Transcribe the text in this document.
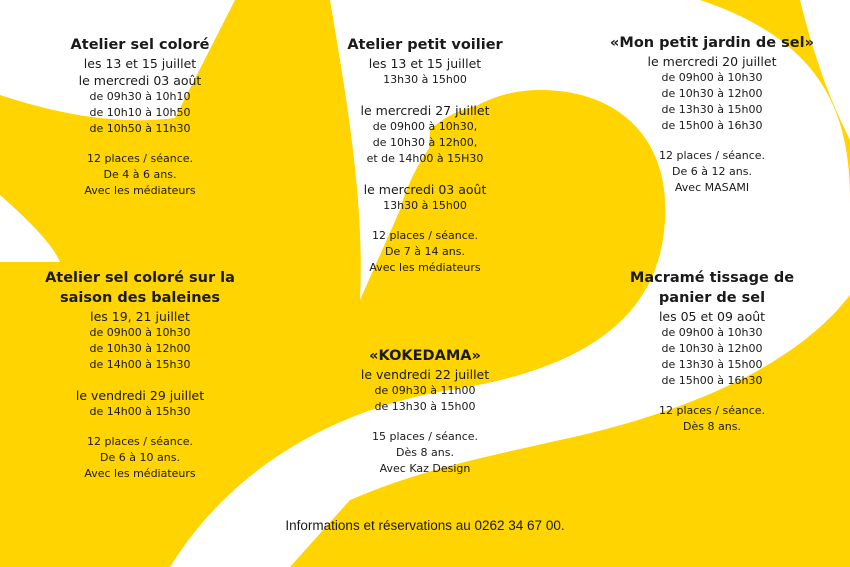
Atelier sel coloré
les 13 et 15 juillet
le mercredi 03 août
de 09h30 à 10h10
de 10h10 à 10h50
de 10h50 à 11h30
12 places / séance.
De 4 à 6 ans.
Avec les médiateurs
Atelier sel coloré sur la saison des baleines
les 19, 21 juillet
de 09h00 à 10h30
de 10h30 à 12h00
de 14h00 à 15h30
le vendredi 29 juillet
de 14h00 à 15h30
12 places / séance.
De 6 à 10 ans.
Avec les médiateurs
Atelier petit voilier
les 13 et 15 juillet
13h30 à 15h00
le mercredi 27 juillet
de 09h00 à 10h30,
de 10h30 à 12h00,
et de 14h00 à 15H30
le mercredi 03 août
13h30 à 15h00
12 places / séance.
De 7 à 14 ans.
Avec les médiateurs
«KOKEDAMA»
le vendredi 22 juillet
de 09h30 à 11h00
de 13h30 à 15h00
15 places / séance.
Dès 8 ans.
Avec Kaz Design
«Mon petit jardin de sel»
le mercredi 20 juillet
de 09h00 à 10h30
de 10h30 à 12h00
de 13h30 à 15h00
de 15h00 à 16h30
12 places / séance.
De 6 à 12 ans.
Avec MASAMI
Macramé tissage de panier de sel
les 05 et 09 août
de 09h00 à 10h30
de 10h30 à 12h00
de 13h30 à 15h00
de 15h00 à 16h30
12 places / séance.
Dès 8 ans.
Informations et réservations au 0262 34 67 00.
